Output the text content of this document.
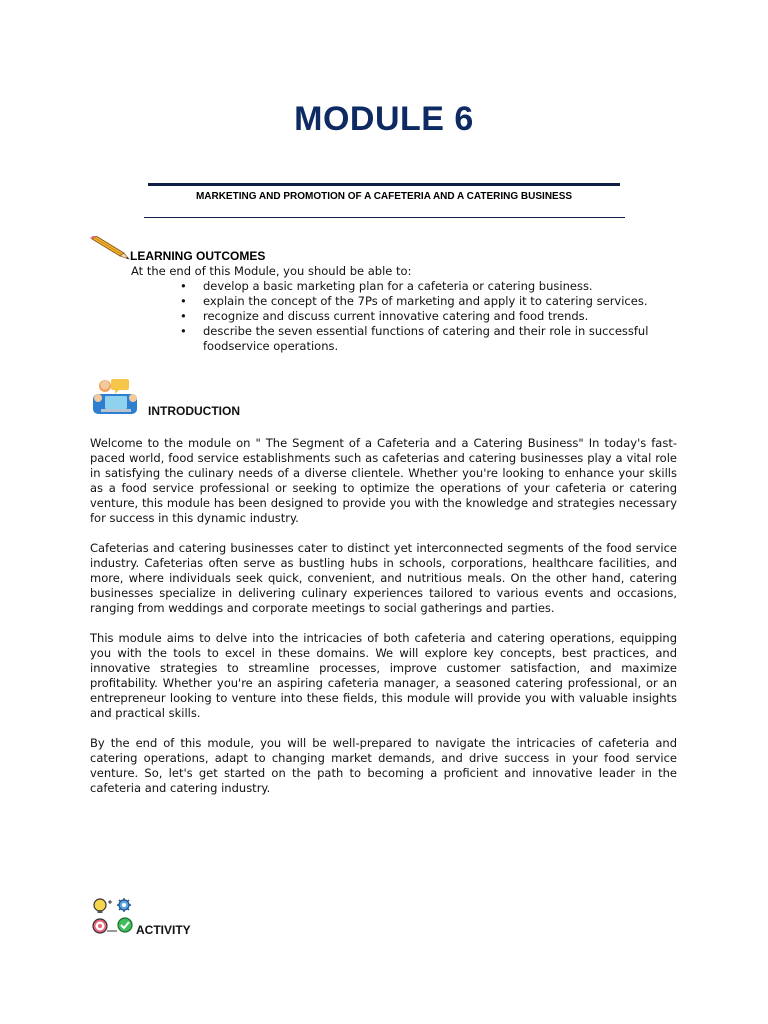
MODULE 6
MARKETING AND PROMOTION OF A CAFETERIA AND A CATERING BUSINESS
LEARNING OUTCOMES
At the end of this Module, you should be able to:
• develop a basic marketing plan for a cafeteria or catering business.
• explain the concept of the 7Ps of marketing and apply it to catering services.
• recognize and discuss current innovative catering and food trends.
• describe the seven essential functions of catering and their role in successful foodservice operations.
INTRODUCTION

Welcome to the module on " The Segment of a Cafeteria and a Catering Business" In today's fast-paced world, food service establishments such as cafeterias and catering businesses play a vital role in satisfying the culinary needs of a diverse clientele. Whether you're looking to enhance your skills as a food service professional or seeking to optimize the operations of your cafeteria or catering venture, this module has been designed to provide you with the knowledge and strategies necessary for success in this dynamic industry.

Cafeterias and catering businesses cater to distinct yet interconnected segments of the food service industry. Cafeterias often serve as bustling hubs in schools, corporations, healthcare facilities, and more, where individuals seek quick, convenient, and nutritious meals. On the other hand, catering businesses specialize in delivering culinary experiences tailored to various events and occasions, ranging from weddings and corporate meetings to social gatherings and parties.

This module aims to delve into the intricacies of both cafeteria and catering operations, equipping you with the tools to excel in these domains. We will explore key concepts, best practices, and innovative strategies to streamline processes, improve customer satisfaction, and maximize profitability. Whether you're an aspiring cafeteria manager, a seasoned catering professional, or an entrepreneur looking to venture into these fields, this module will provide you with valuable insights and practical skills.

By the end of this module, you will be well-prepared to navigate the intricacies of cafeteria and catering operations, adapt to changing market demands, and drive success in your food service venture. So, let's get started on the path to becoming a proficient and innovative leader in the cafeteria and catering industry.

ACTIVITY
